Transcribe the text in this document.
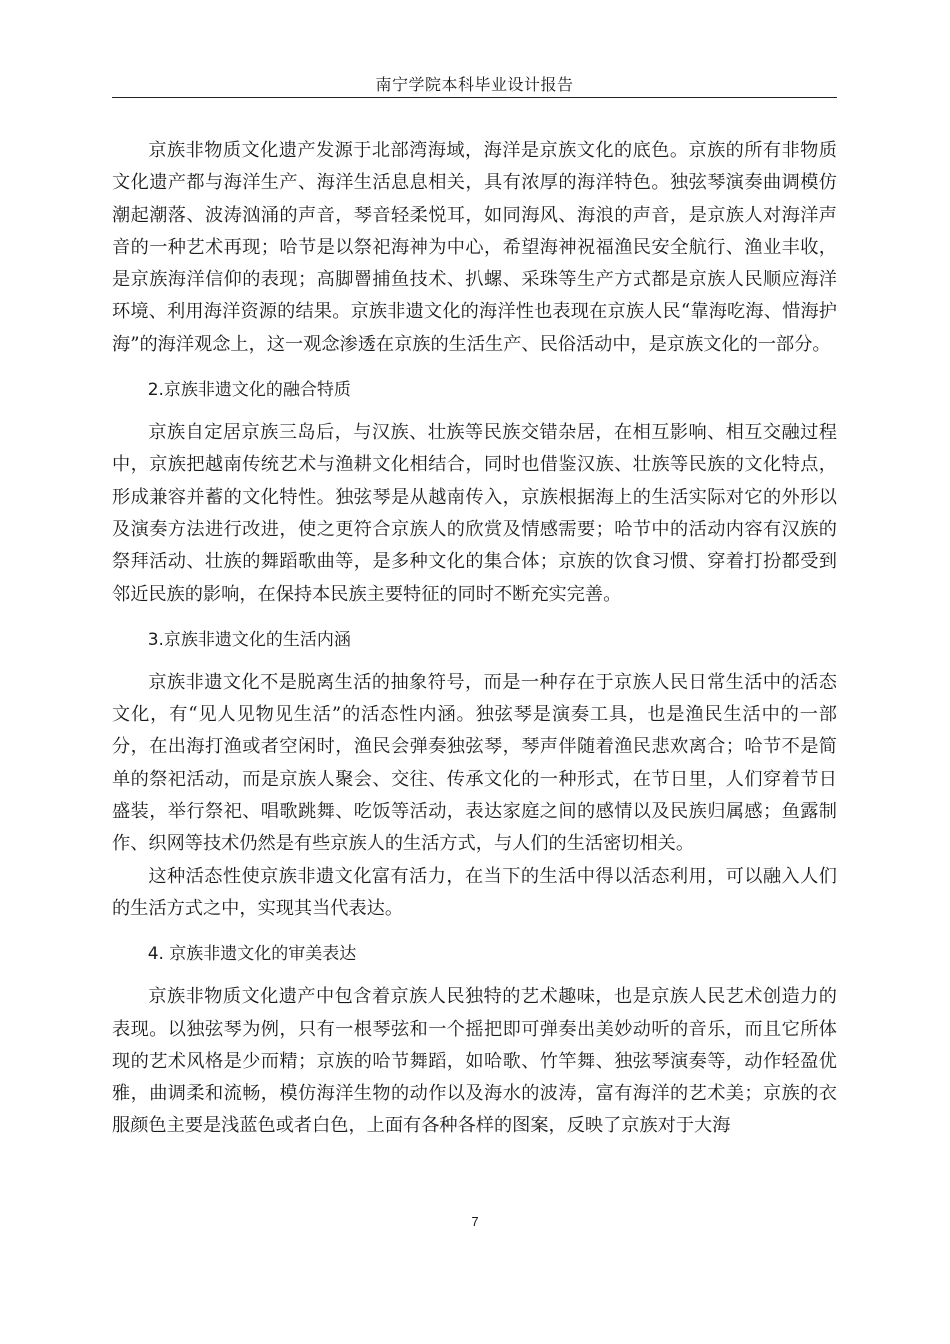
南宁学院本科毕业设计报告

京族非物质文化遗产发源于北部湾海域，海洋是京族文化的底色。京族的所有非物质文化遗产都与海洋生产、海洋生活息息相关，具有浓厚的海洋特色。独弦琴演奏曲调模仿潮起潮落、波涛汹涌的声音，琴音轻柔悦耳，如同海风、海浪的声音，是京族人对海洋声音的一种艺术再现；哈节是以祭祀海神为中心，希望海神祝福渔民安全航行、渔业丰收，是京族海洋信仰的表现；高脚罾捕鱼技术、扒螺、采珠等生产方式都是京族人民顺应海洋环境、利用海洋资源的结果。京族非遗文化的海洋性也表现在京族人民“靠海吃海、惜海护海”的海洋观念上，这一观念渗透在京族的生活生产、民俗活动中，是京族文化的一部分。

2.京族非遗文化的融合特质

京族自定居京族三岛后，与汉族、壮族等民族交错杂居，在相互影响、相互交融过程中，京族把越南传统艺术与渔耕文化相结合，同时也借鉴汉族、壮族等民族的文化特点，形成兼容并蓄的文化特性。独弦琴是从越南传入，京族根据海上的生活实际对它的外形以及演奏方法进行改进，使之更符合京族人的欣赏及情感需要；哈节中的活动内容有汉族的祭拜活动、壮族的舞蹈歌曲等，是多种文化的集合体；京族的饮食习惯、穿着打扮都受到邻近民族的影响，在保持本民族主要特征的同时不断充实完善。

3.京族非遗文化的生活内涵

京族非遗文化不是脱离生活的抽象符号，而是一种存在于京族人民日常生活中的活态文化，有“见人见物见生活”的活态性内涵。独弦琴是演奏工具，也是渔民生活中的一部分，在出海打渔或者空闲时，渔民会弹奏独弦琴，琴声伴随着渔民悲欢离合；哈节不是简单的祭祀活动，而是京族人聚会、交往、传承文化的一种形式，在节日里，人们穿着节日盛装，举行祭祀、唱歌跳舞、吃饭等活动，表达家庭之间的感情以及民族归属感；鱼露制作、织网等技术仍然是有些京族人的生活方式，与人们的生活密切相关。

这种活态性使京族非遗文化富有活力，在当下的生活中得以活态利用，可以融入人们的生活方式之中，实现其当代表达。

4. 京族非遗文化的审美表达

京族非物质文化遗产中包含着京族人民独特的艺术趣味，也是京族人民艺术创造力的表现。以独弦琴为例，只有一根琴弦和一个摇把即可弹奏出美妙动听的音乐，而且它所体现的艺术风格是少而精；京族的哈节舞蹈，如哈歌、竹竿舞、独弦琴演奏等，动作轻盈优雅，曲调柔和流畅，模仿海洋生物的动作以及海水的波涛，富有海洋的艺术美；京族的衣服颜色主要是浅蓝色或者白色，上面有各种各样的图案，反映了京族对于大海

7
